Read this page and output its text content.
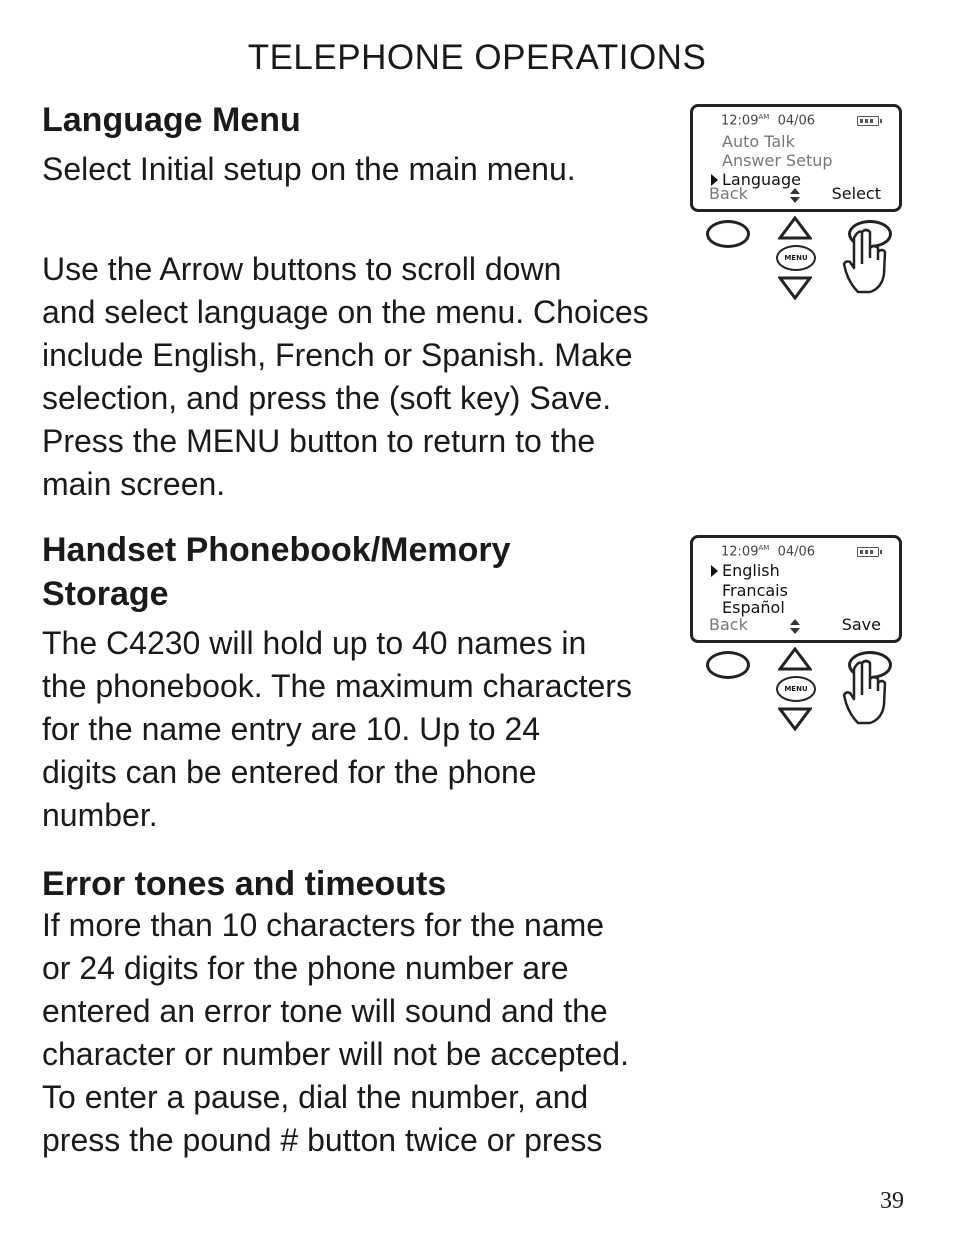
TELEPHONE OPERATIONS
Language Menu
Select Initial setup on the main menu.
Use the Arrow buttons to scroll down
and select language on the menu. Choices
include English, French or Spanish. Make
selection, and press the (soft key) Save.
Press the MENU button to return to the
main screen.
Handset Phonebook/Memory
Storage
The C4230 will hold up to 40 names in
the phonebook. The maximum characters
for the name entry are 10. Up to 24
digits can be entered for the phone
number.
Error tones and timeouts
If more than 10 characters for the name
or 24 digits for the phone number are
entered an error tone will sound and the
character or number will not be accepted.
To enter a pause, dial the number, and
press the pound # button twice or press
$12:09^{AM}$ 04/06
Auto Talk
Answer Setup
Language
Back	Select
MENU
$12:09^{AM}$ 04/06
English
Francais
Español
Back	Save
MENU
39
